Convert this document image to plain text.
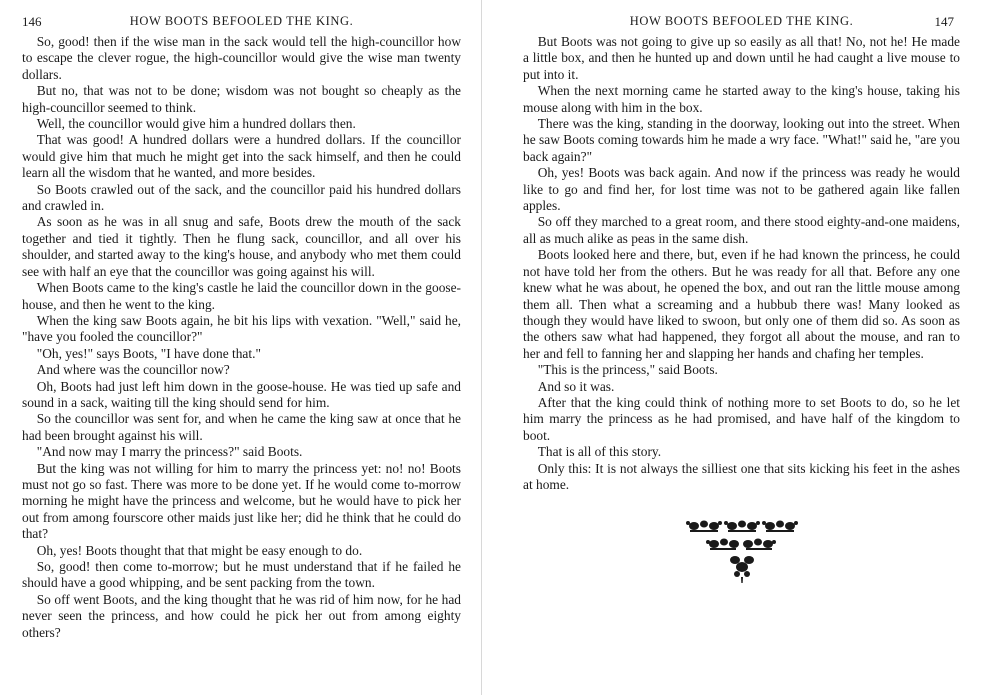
146	HOW BOOTS BEFOOLED THE KING.

So, good! then if the wise man in the sack would tell the high-councillor how to escape the clever rogue, the high-councillor would give the wise man twenty dollars.

But no, that was not to be done; wisdom was not bought so cheaply as the high-councillor seemed to think.

Well, the councillor would give him a hundred dollars then.

That was good! A hundred dollars were a hundred dollars. If the councillor would give him that much he might get into the sack himself, and then he could learn all the wisdom that he wanted, and more besides.

So Boots crawled out of the sack, and the councillor paid his hundred dollars and crawled in.

As soon as he was in all snug and safe, Boots drew the mouth of the sack together and tied it tightly. Then he flung sack, councillor, and all over his shoulder, and started away to the king's house, and anybody who met them could see with half an eye that the councillor was going against his will.

When Boots came to the king's castle he laid the councillor down in the goose-house, and then he went to the king.

When the king saw Boots again, he bit his lips with vexation. "Well," said he, "have you fooled the councillor?"

"Oh, yes!" says Boots, "I have done that."

And where was the councillor now?

Oh, Boots had just left him down in the goose-house. He was tied up safe and sound in a sack, waiting till the king should send for him.

So the councillor was sent for, and when he came the king saw at once that he had been brought against his will.

"And now may I marry the princess?" said Boots.

But the king was not willing for him to marry the princess yet: no! no! Boots must not go so fast. There was more to be done yet. If he would come to-morrow morning he might have the princess and welcome, but he would have to pick her out from among fourscore other maids just like her; did he think that he could do that?

Oh, yes! Boots thought that that might be easy enough to do.

So, good! then come to-morrow; but he must understand that if he failed he should have a good whipping, and be sent packing from the town.

So off went Boots, and the king thought that he was rid of him now, for he had never seen the princess, and how could he pick her out from among eighty others?

HOW BOOTS BEFOOLED THE KING.	147

But Boots was not going to give up so easily as all that! No, not he! He made a little box, and then he hunted up and down until he had caught a live mouse to put into it.

When the next morning came he started away to the king's house, taking his mouse along with him in the box.

There was the king, standing in the doorway, looking out into the street. When he saw Boots coming towards him he made a wry face. "What!" said he, "are you back again?"

Oh, yes! Boots was back again. And now if the princess was ready he would like to go and find her, for lost time was not to be gathered again like fallen apples.

So off they marched to a great room, and there stood eighty-and-one maidens, all as much alike as peas in the same dish.

Boots looked here and there, but, even if he had known the princess, he could not have told her from the others. But he was ready for all that. Before any one knew what he was about, he opened the box, and out ran the little mouse among them all. Then what a screaming and a hubbub there was! Many looked as though they would have liked to swoon, but only one of them did so. As soon as the others saw what had happened, they forgot all about the mouse, and ran to her and fell to fanning her and slapping her hands and chafing her temples.

"This is the princess," said Boots.

And so it was.

After that the king could think of nothing more to set Boots to do, so he let him marry the princess as he had promised, and have half of the kingdom to boot.

That is all of this story.

Only this: It is not always the silliest one that sits kicking his feet in the ashes at home.
